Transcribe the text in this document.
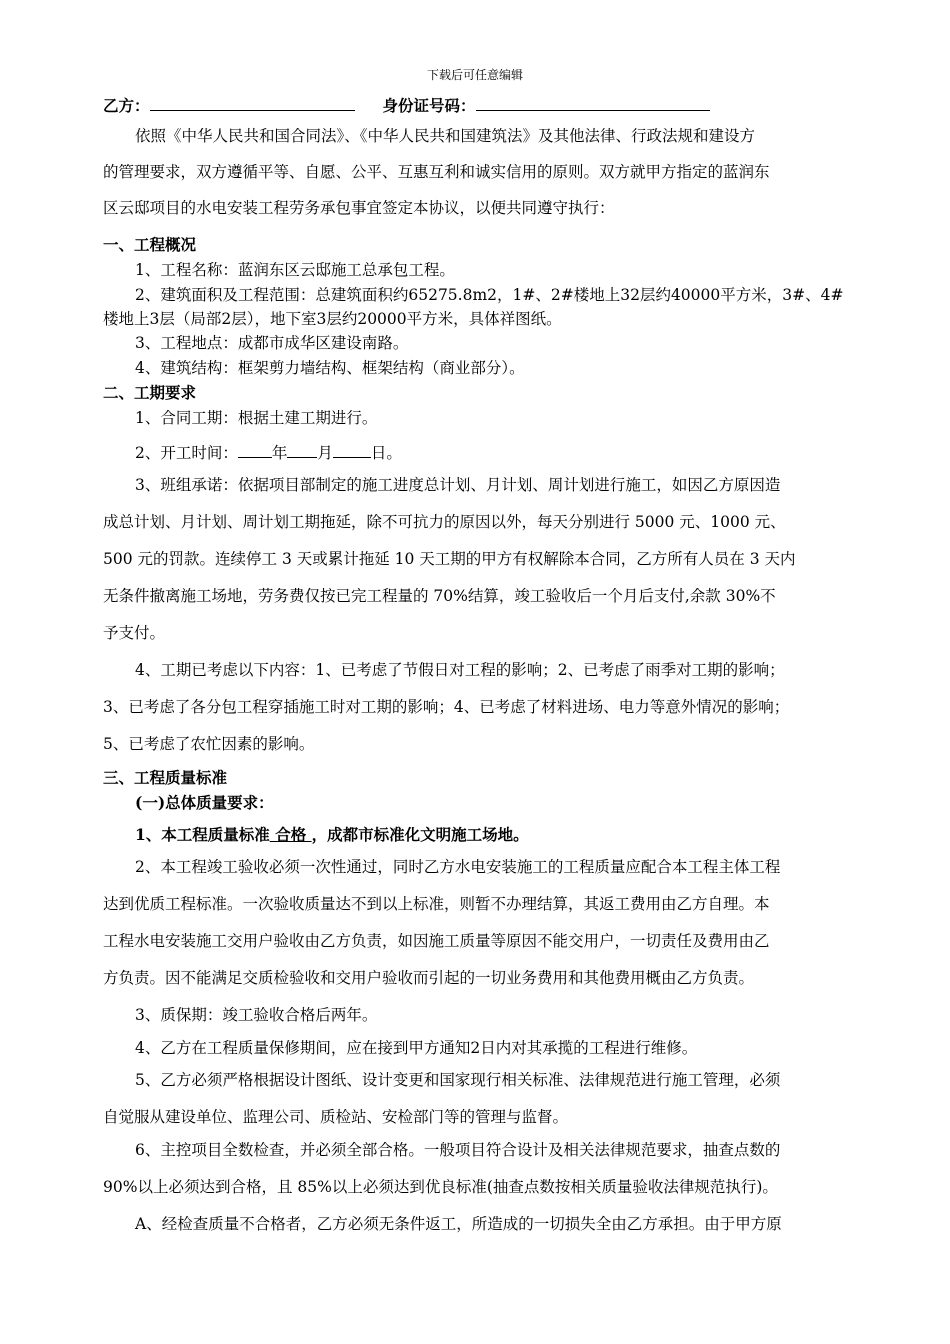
下载后可任意编辑
乙方：	身份证号码：
依照《中华人民共和国合同法》、《中华人民共和国建筑法》及其他法律、行政法规和建设方
的管理要求，双方遵循平等、自愿、公平、互惠互利和诚实信用的原则。双方就甲方指定的蓝润东
区云邸项目的水电安装工程劳务承包事宜签定本协议，以便共同遵守执行：
一、工程概况
1、工程名称：蓝润东区云邸施工总承包工程。
2、建筑面积及工程范围：总建筑面积约65275.8m2，1#、2#楼地上32层约40000平方米，3#、4#
楼地上3层（局部2层），地下室3层约20000平方米，具体祥图纸。
3、工程地点：成都市成华区建设南路。
4、建筑结构：框架剪力墙结构、框架结构（商业部分）。
二、工期要求
1、合同工期：根据土建工期进行。
2、开工时间： 年 月 日。
3、班组承诺：依据项目部制定的施工进度总计划、月计划、周计划进行施工，如因乙方原因造
成总计划、月计划、周计划工期拖延，除不可抗力的原因以外，每天分别进行 5000 元、1000 元、
500 元的罚款。连续停工 3 天或累计拖延 10 天工期的甲方有权解除本合同，乙方所有人员在 3 天内
无条件撤离施工场地，劳务费仅按已完工程量的 70%结算，竣工验收后一个月后支付,余款 30%不
予支付。
4、工期已考虑以下内容：1、已考虑了节假日对工程的影响；2、已考虑了雨季对工期的影响；
3、已考虑了各分包工程穿插施工时对工期的影响；4、已考虑了材料进场、电力等意外情况的影响；
5、已考虑了农忙因素的影响。
三、工程质量标准
(一)总体质量要求：
1、本工程质量标准 合格 ，成都市标准化文明施工场地。
2、本工程竣工验收必须一次性通过，同时乙方水电安装施工的工程质量应配合本工程主体工程
达到优质工程标准。一次验收质量达不到以上标准，则暂不办理结算，其返工费用由乙方自理。本
工程水电安装施工交用户验收由乙方负责，如因施工质量等原因不能交用户，一切责任及费用由乙
方负责。因不能满足交质检验收和交用户验收而引起的一切业务费用和其他费用概由乙方负责。
3、质保期：竣工验收合格后两年。
4、乙方在工程质量保修期间，应在接到甲方通知2日内对其承揽的工程进行维修。
5、乙方必须严格根据设计图纸、设计变更和国家现行相关标准、法律规范进行施工管理，必须
自觉服从建设单位、监理公司、质检站、安检部门等的管理与监督。
6、主控项目全数检查，并必须全部合格。一般项目符合设计及相关法律规范要求，抽查点数的
90%以上必须达到合格，且 85%以上必须达到优良标准(抽查点数按相关质量验收法律规范执行)。
A、经检查质量不合格者，乙方必须无条件返工，所造成的一切损失全由乙方承担。由于甲方原
